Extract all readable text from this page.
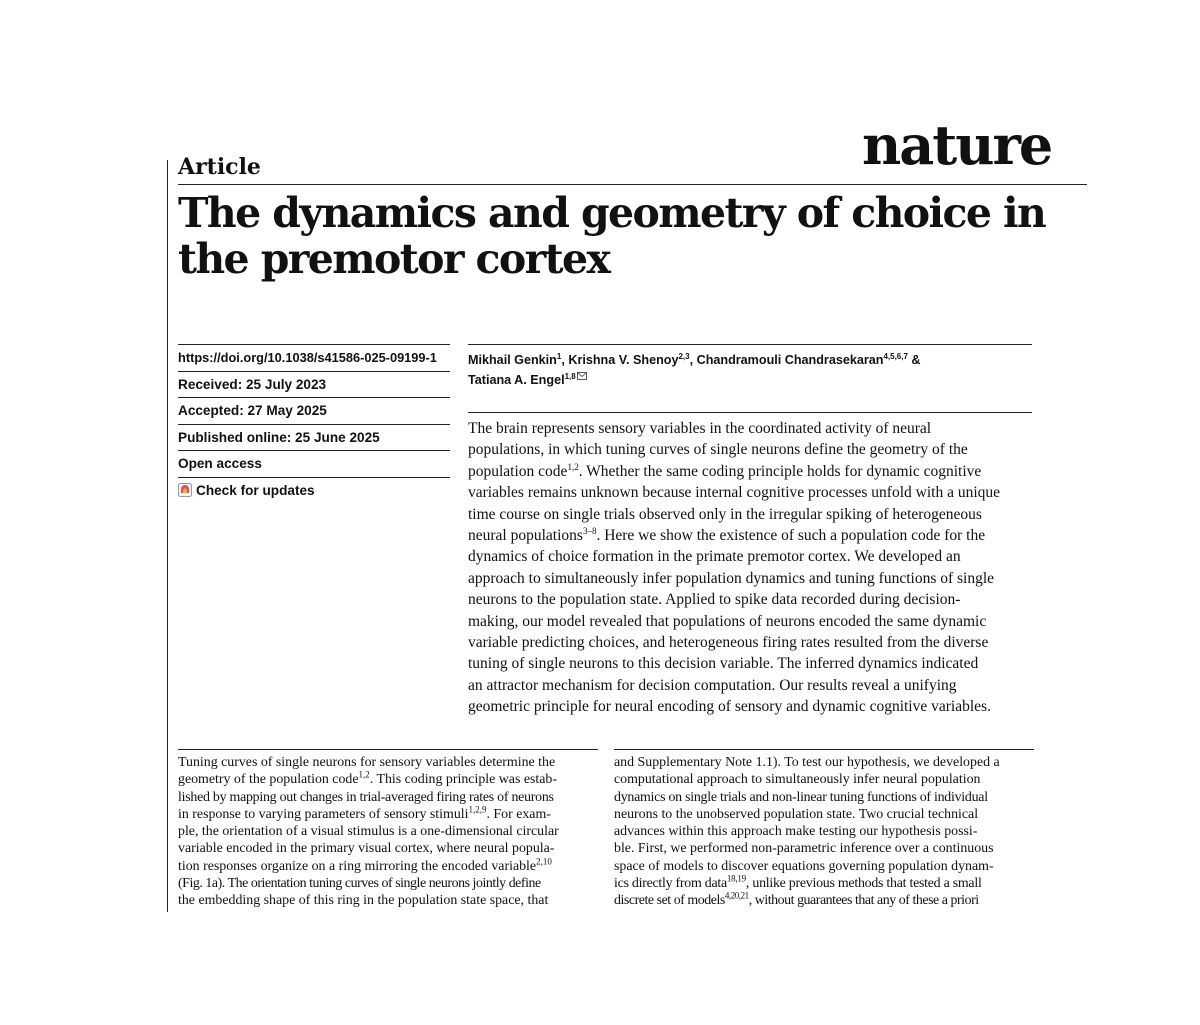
nature
Article
The dynamics and geometry of choice in
the premotor cortex
https://doi.org/10.1038/s41586-025-09199-1
Received: 25 July 2023
Accepted: 27 May 2025
Published online: 25 June 2025
Open access
Check for updates
Mikhail Genkin$^1$, Krishna V. Shenoy$^{2,3}$, Chandramouli Chandrasekaran$^{4,5,6,7}$ &
Tatiana A. Engel$^{1,8}$
The brain represents sensory variables in the coordinated activity of neural
populations, in which tuning curves of single neurons define the geometry of the
population code$^{1,2}$. Whether the same coding principle holds for dynamic cognitive
variables remains unknown because internal cognitive processes unfold with a unique
time course on single trials observed only in the irregular spiking of heterogeneous
neural populations$^{3-8}$. Here we show the existence of such a population code for the
dynamics of choice formation in the primate premotor cortex. We developed an
approach to simultaneously infer population dynamics and tuning functions of single
neurons to the population state. Applied to spike data recorded during decision-
making, our model revealed that populations of neurons encoded the same dynamic
variable predicting choices, and heterogeneous firing rates resulted from the diverse
tuning of single neurons to this decision variable. The inferred dynamics indicated
an attractor mechanism for decision computation. Our results reveal a unifying
geometric principle for neural encoding of sensory and dynamic cognitive variables.
Tuning curves of single neurons for sensory variables determine the
geometry of the population code$^{1,2}$. This coding principle was estab-
lished by mapping out changes in trial-averaged firing rates of neurons
in response to varying parameters of sensory stimuli$^{1,2,9}$. For exam-
ple, the orientation of a visual stimulus is a one-dimensional circular
variable encoded in the primary visual cortex, where neural popula-
tion responses organize on a ring mirroring the encoded variable$^{2,10}$
(Fig. 1a). The orientation tuning curves of single neurons jointly define
the embedding shape of this ring in the population state space, that
and Supplementary Note 1.1). To test our hypothesis, we developed a
computational approach to simultaneously infer neural population
dynamics on single trials and non-linear tuning functions of individual
neurons to the unobserved population state. Two crucial technical
advances within this approach make testing our hypothesis possi-
ble. First, we performed non-parametric inference over a continuous
space of models to discover equations governing population dynam-
ics directly from data$^{18,19}$, unlike previous methods that tested a small
discrete set of models$^{4,20,21}$, without guarantees that any of these a priori
